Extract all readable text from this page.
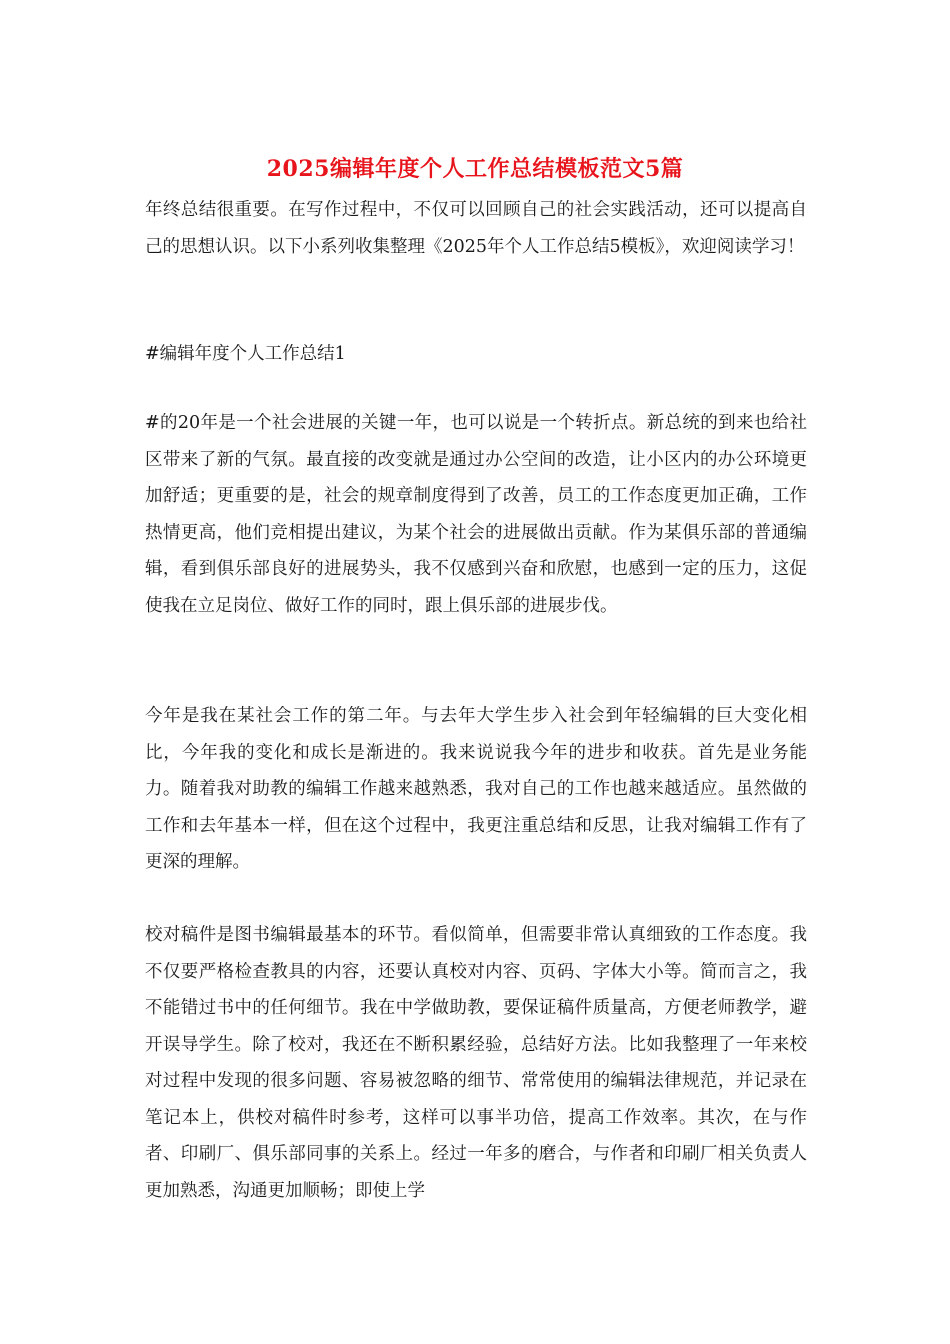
2025编辑年度个人工作总结模板范文5篇

年终总结很重要。在写作过程中，不仅可以回顾自己的社会实践活动，还可以提高自己的思想认识。以下小系列收集整理《2025年个人工作总结5模板》，欢迎阅读学习！

#编辑年度个人工作总结1

#的20年是一个社会进展的关键一年，也可以说是一个转折点。新总统的到来也给社区带来了新的气氛。最直接的改变就是通过办公空间的改造，让小区内的办公环境更加舒适；更重要的是，社会的规章制度得到了改善，员工的工作态度更加正确，工作热情更高，他们竞相提出建议，为某个社会的进展做出贡献。作为某俱乐部的普通编辑，看到俱乐部良好的进展势头，我不仅感到兴奋和欣慰，也感到一定的压力，这促使我在立足岗位、做好工作的同时，跟上俱乐部的进展步伐。

今年是我在某社会工作的第二年。与去年大学生步入社会到年轻编辑的巨大变化相比，今年我的变化和成长是渐进的。我来说说我今年的进步和收获。首先是业务能力。随着我对助教的编辑工作越来越熟悉，我对自己的工作也越来越适应。虽然做的工作和去年基本一样，但在这个过程中，我更注重总结和反思，让我对编辑工作有了更深的理解。

校对稿件是图书编辑最基本的环节。看似简单，但需要非常认真细致的工作态度。我不仅要严格检查教具的内容，还要认真校对内容、页码、字体大小等。简而言之，我不能错过书中的任何细节。我在中学做助教，要保证稿件质量高，方便老师教学，避开误导学生。除了校对，我还在不断积累经验，总结好方法。比如我整理了一年来校对过程中发现的很多问题、容易被忽略的细节、常常使用的编辑法律规范，并记录在笔记本上，供校对稿件时参考，这样可以事半功倍，提高工作效率。其次，在与作者、印刷厂、俱乐部同事的关系上。经过一年多的磨合，与作者和印刷厂相关负责人更加熟悉，沟通更加顺畅；即使上学
